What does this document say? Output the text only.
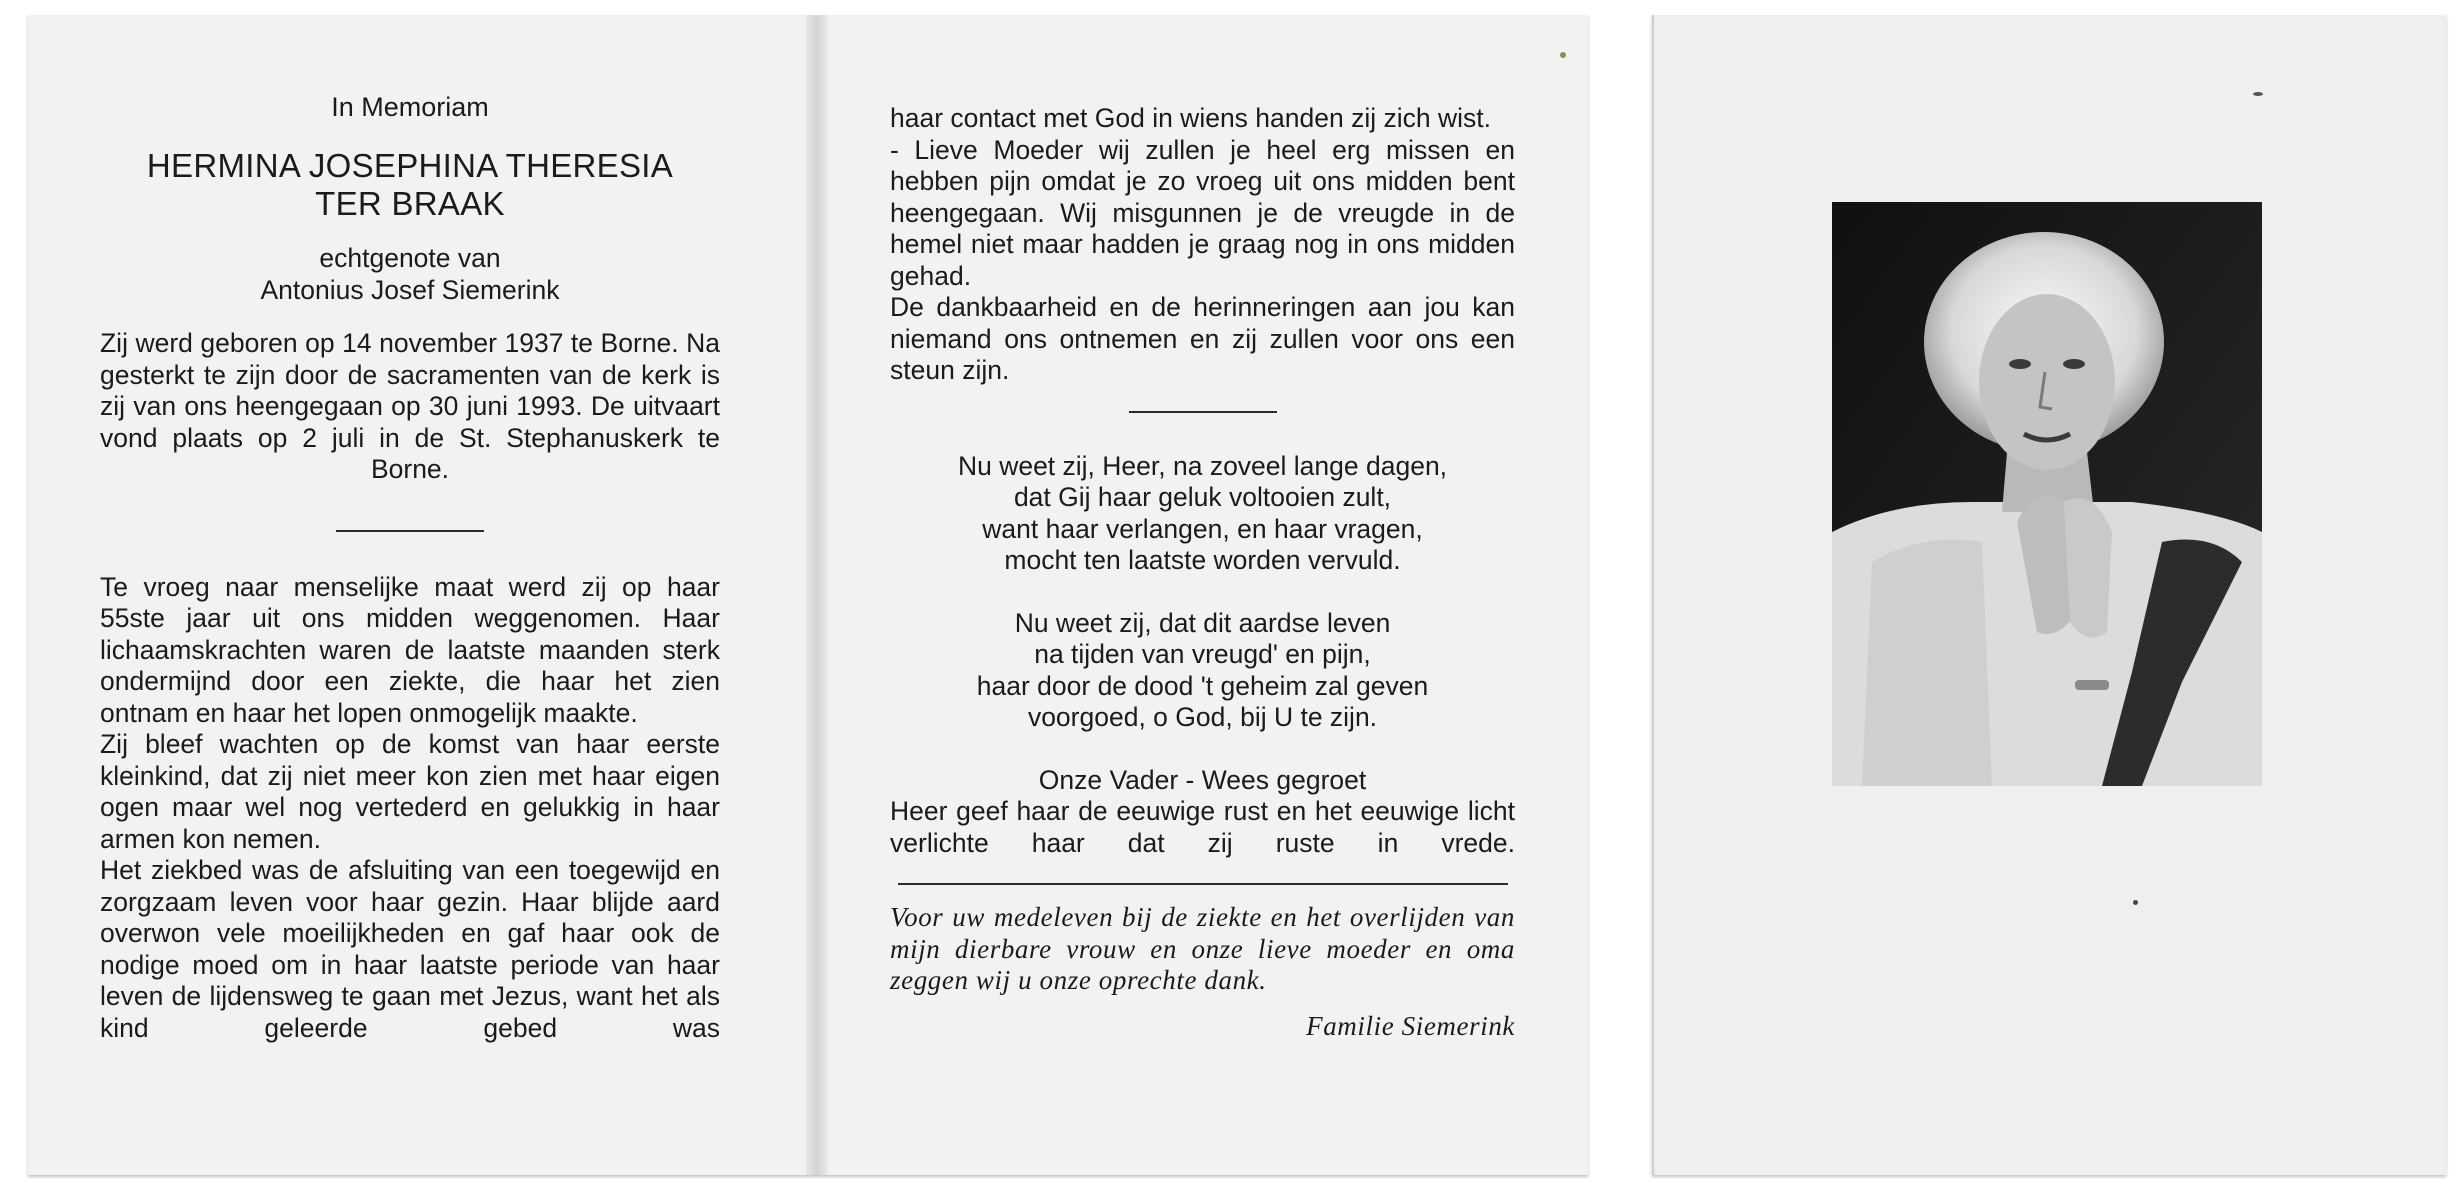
In Memoriam
HERMINA JOSEPHINA THERESIA
TER BRAAK
echtgenote van
Antonius Josef Siemerink
Zij werd geboren op 14 november 1937 te Borne. Na gesterkt te zijn door de sacramenten van de kerk is zij van ons heengegaan op 30 juni 1993. De uitvaart vond plaats op 2 juli in de St. Stephanuskerk te Borne.
Te vroeg naar menselijke maat werd zij op haar 55ste jaar uit ons midden weggenomen. Haar lichaamskrachten waren de laatste maanden sterk ondermijnd door een ziekte, die haar het zien ontnam en haar het lopen onmogelijk maakte.
Zij bleef wachten op de komst van haar eerste kleinkind, dat zij niet meer kon zien met haar eigen ogen maar wel nog vertederd en gelukkig in haar armen kon nemen.
Het ziekbed was de afsluiting van een toegewijd en zorgzaam leven voor haar gezin. Haar blijde aard overwon vele moeilijkheden en gaf haar ook de nodige moed om in haar laatste periode van haar leven de lijdensweg te gaan met Jezus, want het als kind geleerde gebed was
haar contact met God in wiens handen zij zich wist.
- Lieve Moeder wij zullen je heel erg missen en hebben pijn omdat je zo vroeg uit ons midden bent heengegaan. Wij misgunnen je de vreugde in de hemel niet maar hadden je graag nog in ons midden gehad.
De dankbaarheid en de herinneringen aan jou kan niemand ons ontnemen en zij zullen voor ons een steun zijn.
Nu weet zij, Heer, na zoveel lange dagen,
dat Gij haar geluk voltooien zult,
want haar verlangen, en haar vragen,
mocht ten laatste worden vervuld.
Nu weet zij, dat dit aardse leven
na tijden van vreugd' en pijn,
haar door de dood 't geheim zal geven
voorgoed, o God, bij U te zijn.
Onze Vader - Wees gegroet
Heer geef haar de eeuwige rust en het eeuwige licht verlichte haar dat zij ruste in vrede.
Voor uw medeleven bij de ziekte en het overlijden van mijn dierbare vrouw en onze lieve moeder en oma zeggen wij u onze oprechte dank.
Familie Siemerink
